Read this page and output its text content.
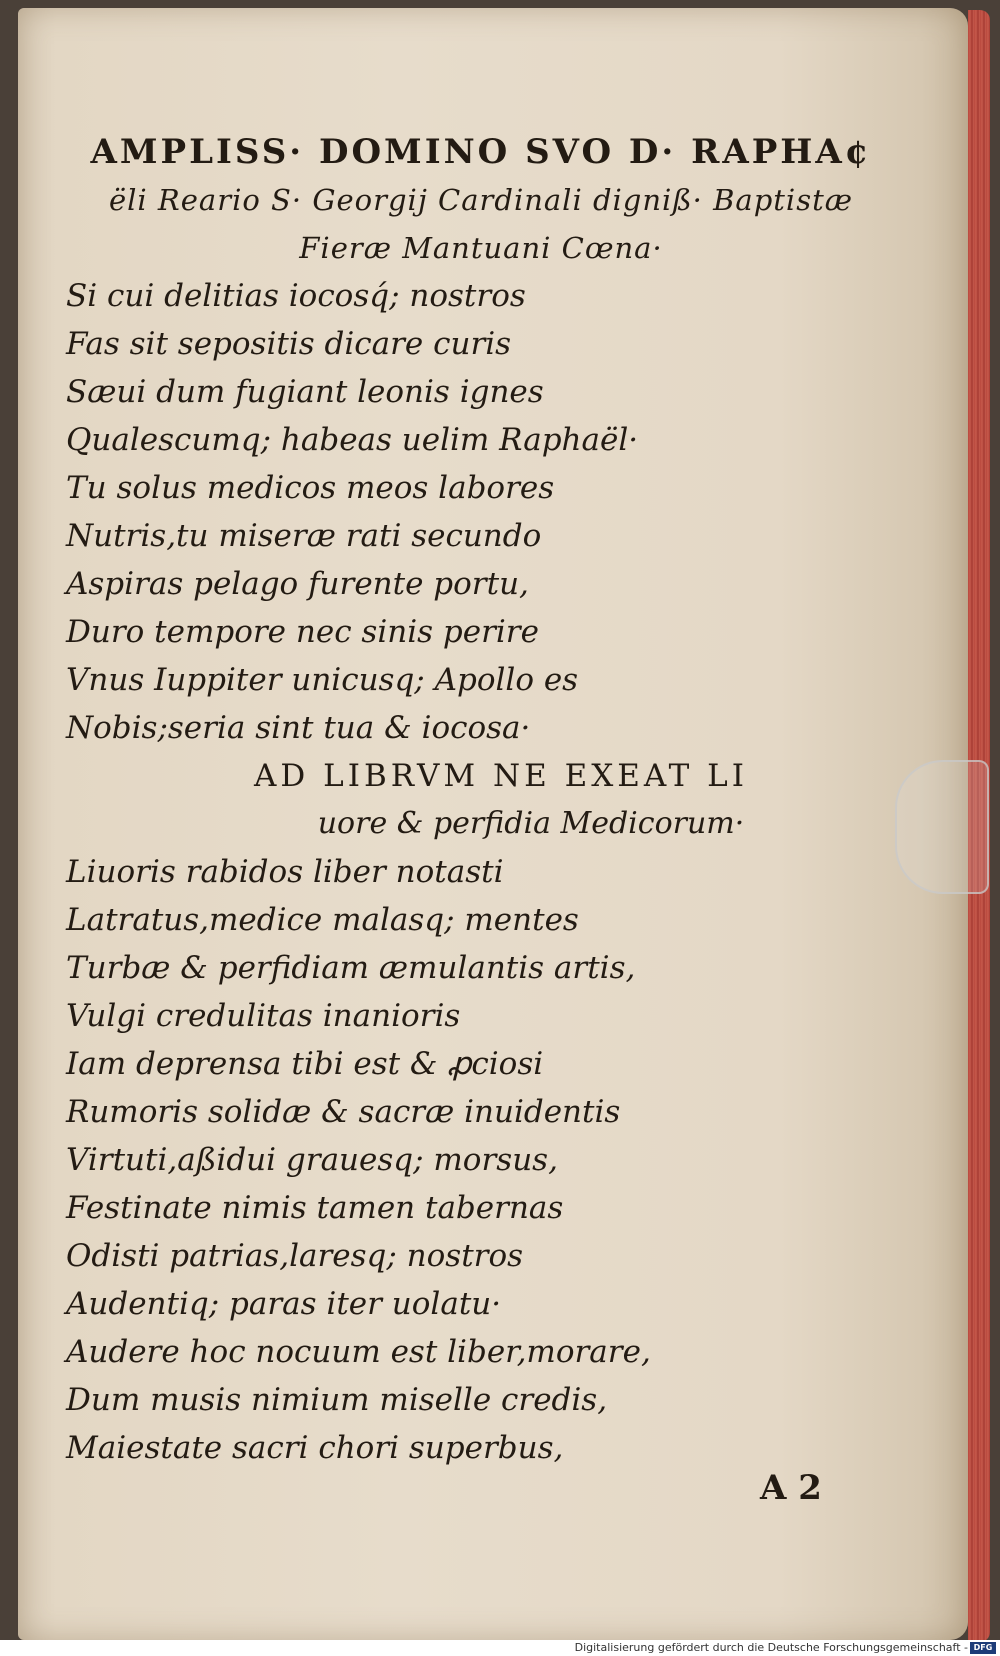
AMPLISS· DOMINO SVO D· RAPHA¢

ëli Reario S· Georgij Cardinali digniß· Baptistæ

Fieræ Mantuani Cœna·

Si cui delitias iocosq́; nostros

Fas sit sepositis dicare curis

Sæui dum fugiant leonis ignes

Qualescumq; habeas uelim Raphaël·

Tu solus medicos meos labores

Nutris,tu miseræ rati secundo

Aspiras pelago furente portu,

Duro tempore nec sinis perire

Vnus Iuppiter unicusq; Apollo es

Nobis;seria sint tua & iocosa·

AD LIBRVM NE EXEAT LI

uore & perfidia Medicorum·

Liuoris rabidos liber notasti

Latratus,medice malasq; mentes

Turbæ & perfidiam æmulantis artis,

Vulgi credulitas inanioris

Iam deprensa tibi est & ꝓciosi

Rumoris solidæ & sacræ inuidentis

Virtuti,aßidui grauesq; morsus,

Festinate nimis tamen tabernas

Odisti patrias,laresq; nostros

Audentiq; paras iter uolatu·

Audere hoc nocuum est liber,morare,

Dum musis nimium miselle credis,

Maiestate sacri chori superbus,

A 2
Digitalisierung gefördert durch die Deutsche Forschungsgemeinschaft - DFG
